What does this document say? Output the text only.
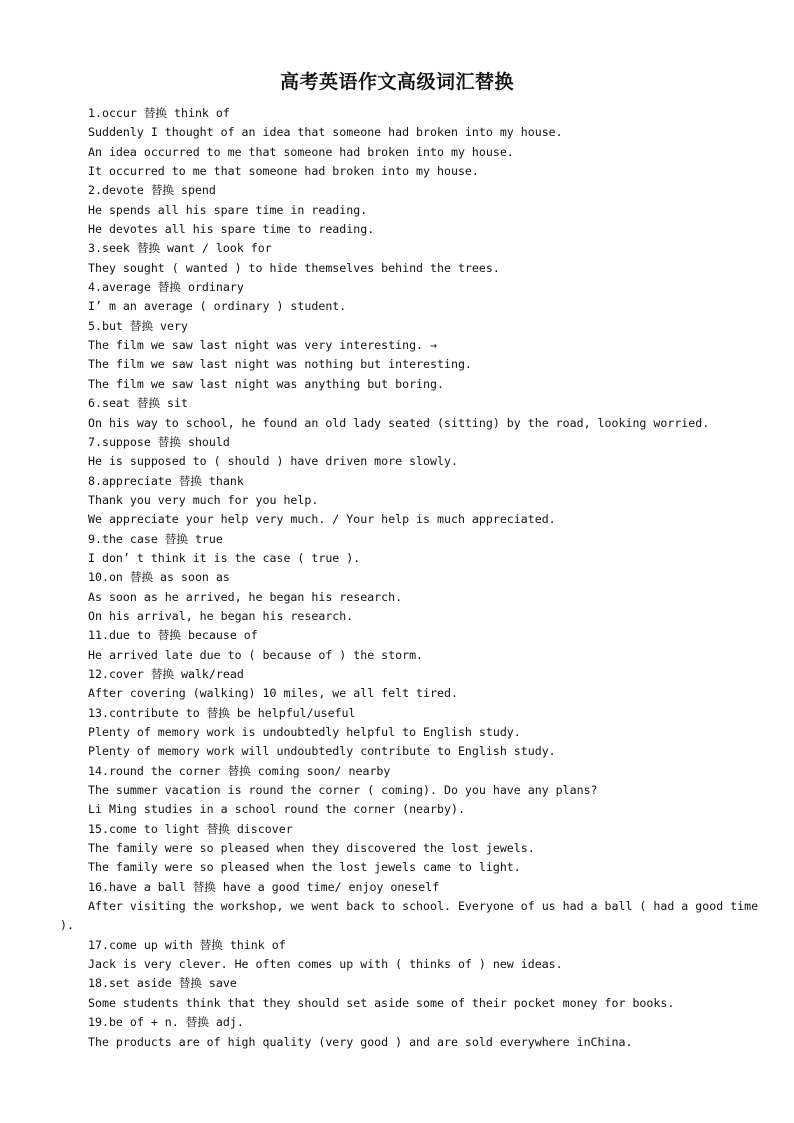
高考英语作文高级词汇替换
1.occur 替换 think of
Suddenly I thought of an idea that someone had broken into my house.
An idea occurred to me that someone had broken into my house.
It occurred to me that someone had broken into my house.
2.devote 替换 spend
He spends all his spare time in reading.
He devotes all his spare time to reading.
3.seek 替换 want / look for
They sought ( wanted ) to hide themselves behind the trees.
4.average 替换 ordinary
I’ m an average ( ordinary ) student.
5.but 替换 very
The film we saw last night was very interesting. →
The film we saw last night was nothing but interesting.
The film we saw last night was anything but boring.
6.seat 替换 sit
On his way to school, he found an old lady seated (sitting) by the road, looking worried.
7.suppose 替换 should
He is supposed to ( should ) have driven more slowly.
8.appreciate 替换 thank
Thank you very much for you help.
We appreciate your help very much. / Your help is much appreciated.
9.the case 替换 true
I don’ t think it is the case ( true ).
10.on 替换 as soon as
As soon as he arrived, he began his research.
On his arrival, he began his research.
11.due to 替换 because of
He arrived late due to ( because of ) the storm.
12.cover 替换 walk/read
After covering (walking) 10 miles, we all felt tired.
13.contribute to 替换 be helpful/useful
Plenty of memory work is undoubtedly helpful to English study.
Plenty of memory work will undoubtedly contribute to English study.
14.round the corner 替换 coming soon/ nearby
The summer vacation is round the corner ( coming). Do you have any plans?
Li Ming studies in a school round the corner (nearby).
15.come to light 替换 discover
The family were so pleased when they discovered the lost jewels.
The family were so pleased when the lost jewels came to light.
16.have a ball 替换 have a good time/ enjoy oneself
After visiting the workshop, we went back to school. Everyone of us had a ball ( had a good time
).
17.come up with 替换 think of
Jack is very clever. He often comes up with ( thinks of ) new ideas.
18.set aside 替换 save
Some students think that they should set aside some of their pocket money for books.
19.be of + n. 替换 adj.
The products are of high quality (very good ) and are sold everywhere inChina.
